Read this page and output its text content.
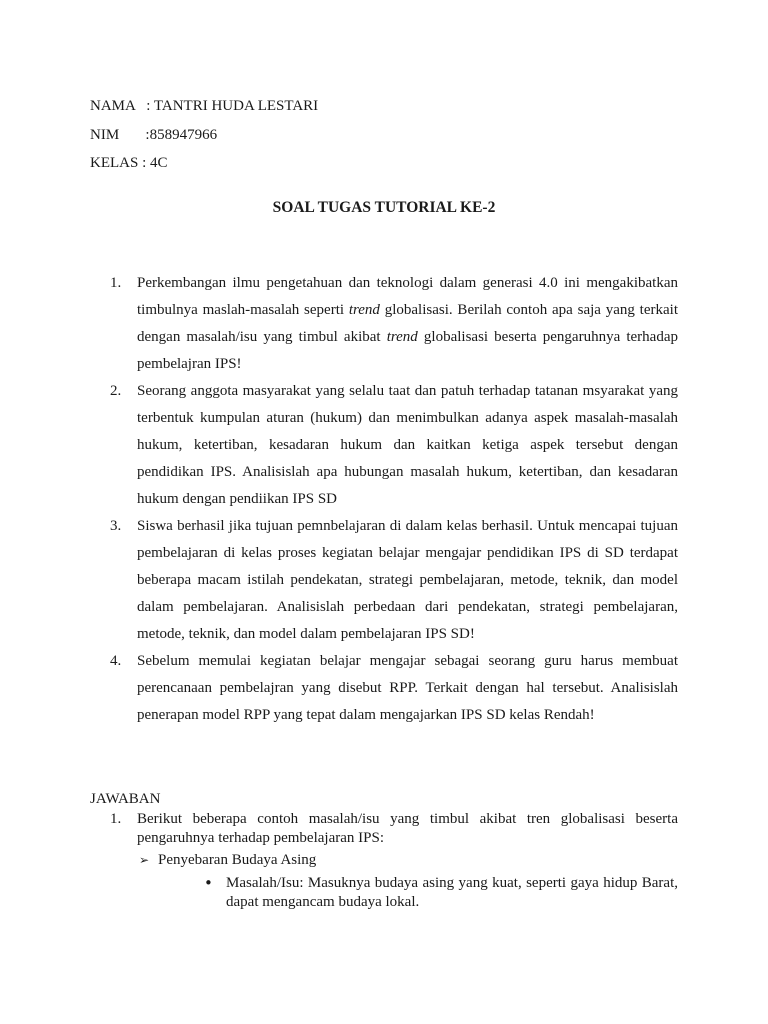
NAMA   : TANTRI HUDA LESTARI
NIM       :858947966
KELAS : 4C
SOAL TUGAS TUTORIAL KE-2
1. Perkembangan ilmu pengetahuan dan teknologi dalam generasi 4.0 ini mengakibatkan timbulnya maslah-masalah seperti trend globalisasi. Berilah contoh apa saja yang terkait dengan masalah/isu yang timbul akibat trend globalisasi beserta pengaruhnya terhadap pembelajran IPS!
2. Seorang anggota masyarakat yang selalu taat dan patuh terhadap tatanan msyarakat yang terbentuk kumpulan aturan (hukum) dan menimbulkan adanya aspek masalah-masalah hukum, ketertiban, kesadaran hukum dan kaitkan ketiga aspek tersebut dengan pendidikan IPS. Analisislah apa hubungan masalah hukum, ketertiban, dan kesadaran hukum dengan pendiikan IPS SD
3. Siswa berhasil jika tujuan pemnbelajaran di dalam kelas berhasil. Untuk mencapai tujuan pembelajaran di kelas proses kegiatan belajar mengajar pendidikan IPS di SD terdapat beberapa macam istilah pendekatan, strategi pembelajaran, metode, teknik, dan model dalam pembelajaran. Analisislah perbedaan dari pendekatan, strategi pembelajaran, metode, teknik, dan model dalam pembelajaran IPS SD!
4. Sebelum memulai kegiatan belajar mengajar sebagai seorang guru harus membuat perencanaan pembelajran yang disebut RPP. Terkait dengan hal tersebut. Analisislah penerapan model RPP yang tepat dalam mengajarkan IPS SD kelas Rendah!
JAWABAN
1. Berikut beberapa contoh masalah/isu yang timbul akibat tren globalisasi beserta pengaruhnya terhadap pembelajaran IPS:
➢ Penyebaran Budaya Asing
• Masalah/Isu: Masuknya budaya asing yang kuat, seperti gaya hidup Barat, dapat mengancam budaya lokal.
